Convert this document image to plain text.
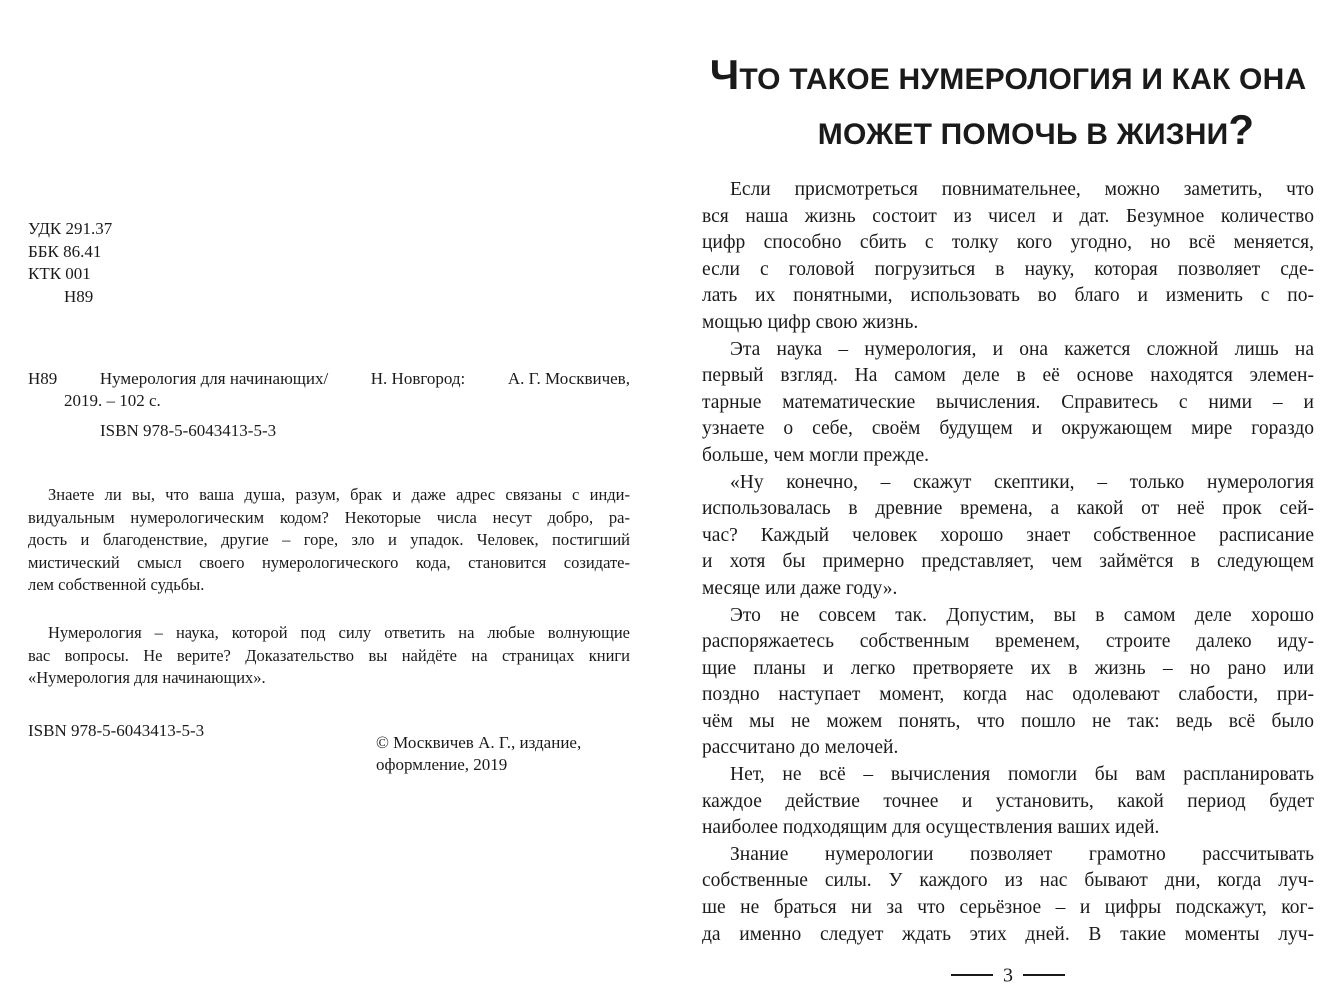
УДК 291.37
ББК 86.41
КТК 001
Н89
Н89	Нумерология для начинающих/	Н. Новгород:	А. Г. Москвичев,
2019. – 102 с.
ISBN 978-5-6043413-5-3
Знаете ли вы, что ваша душа, разум, брак и даже адрес связаны с инди-
видуальным нумерологическим кодом? Некоторые числа несут добро, ра-
дость и благоденствие, другие – горе, зло и упадок. Человек, постигший
мистический смысл своего нумерологического кода, становится созидате-
лем собственной судьбы.
Нумерология – наука, которой под силу ответить на любые волнующие
вас вопросы. Не верите? Доказательство вы найдёте на страницах книги
«Нумерология для начинающих».
ISBN 978-5-6043413-5-3
© Москвичев А. Г., издание,
оформление, 2019
ЧТО ТАКОЕ НУМЕРОЛОГИЯ И КАК ОНА
МОЖЕТ ПОМОЧЬ В ЖИЗНИ?

Если присмотреться повнимательнее, можно заметить, что
вся наша жизнь состоит из чисел и дат. Безумное количество
цифр способно сбить с толку кого угодно, но всё меняется,
если с головой погрузиться в науку, которая позволяет сде-
лать их понятными, использовать во благо и изменить с по-
мощью цифр свою жизнь.

Эта наука – нумерология, и она кажется сложной лишь на
первый взгляд. На самом деле в её основе находятся элемен-
тарные математические вычисления. Справитесь с ними – и
узнаете о себе, своём будущем и окружающем мире гораздо
больше, чем могли прежде.

«Ну конечно, – скажут скептики, – только нумерология
использовалась в древние времена, а какой от неё прок сей-
час? Каждый человек хорошо знает собственное расписание
и хотя бы примерно представляет, чем займётся в следующем
месяце или даже году».

Это не совсем так. Допустим, вы в самом деле хорошо
распоряжаетесь собственным временем, строите далеко иду-
щие планы и легко претворяете их в жизнь – но рано или
поздно наступает момент, когда нас одолевают слабости, при-
чём мы не можем понять, что пошло не так: ведь всё было
рассчитано до мелочей.

Нет, не всё – вычисления помогли бы вам распланировать
каждое действие точнее и установить, какой период будет
наиболее подходящим для осуществления ваших идей.

Знание нумерологии позволяет грамотно рассчитывать
собственные силы. У каждого из нас бывают дни, когда луч-
ше не браться ни за что серьёзное – и цифры подскажут, ког-
да именно следует ждать этих дней. В такие моменты луч-

3
